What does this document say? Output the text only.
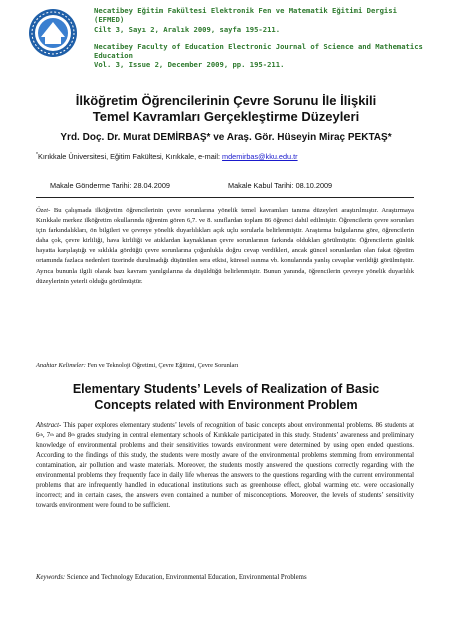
Necatibey Eğitim Fakültesi Elektronik Fen ve Matematik Eğitimi Dergisi (EFMED)
Cilt 3, Sayı 2, Aralık 2009, sayfa 195-211.
Necatibey Faculty of Education Electronic Journal of Science and Mathematics Education
Vol. 3, Issue 2, December 2009, pp. 195-211.
İlköğretim Öğrencilerinin Çevre Sorunu İle İlişkili
Temel Kavramları Gerçekleştirme Düzeyleri
Yrd. Doç. Dr. Murat DEMİRBAŞ* ve Araş. Gör. Hüseyin Miraç PEKTAŞ*
*Kırıkkale Üniversitesi, Eğitim Fakültesi, Kırıkkale, e-mail: mdemirbas@kku.edu.tr
Makale Gönderme Tarihi: 28.04.2009	Makale Kabul Tarihi: 08.10.2009
Özet- Bu çalışmada ilköğretim öğrencilerinin çevre sorunlarına yönelik temel kavramları tanıma düzeyleri araştırılmıştır. Araştırmaya Kırıkkale merkez ilköğretim okullarında öğrenim gören 6,7. ve 8. sınıflardan toplam 86 öğrenci dahil edilmiştir. Öğrencilerin çevre sorunları için farkındalıkları, ön bilgileri ve çevreye yönelik duyarlılıkları açık uçlu sorularla belirlenmiştir. Araştırma bulgularına göre, öğrencilerin daha çok, çevre kirliliği, hava kirliliği ve atıklardan kaynaklanan çevre sorunlarının farkında oldukları görülmüştür. Öğrencilerin günlük hayatta karşılaştığı ve sıklıkla gördüğü çevre sorunlarına çoğunlukla doğru cevap verdikleri, ancak güncel sorunlardan olan fakat öğretim ortamında fazlaca nedenleri üzerinde durulmadığı düşünülen sera etkisi, küresel ısınma vb. konularında yanlış cevaplar verildiği görülmüştür. Ayrıca bununla ilgili olarak bazı kavram yanılgılarına da düşüldüğü belirlenmiştir. Bunun yanında, öğrencilerin çevreye yönelik duyarlılık düzeylerinin yeterli olduğu görülmüştür.
Anahtar Kelimeler: Fen ve Teknoloji Öğretimi, Çevre Eğitimi, Çevre Sorunları
Elementary Students’ Levels of Realization of Basic
Concepts related with Environment Problem
Abstract- This paper explores elementary students’ levels of recognition of basic concepts about environmental problems. 86 students at 6th, 7th and 8th grades studying in central elementary schools of Kırıkkale participated in this study. Students’ awareness and preliminary knowledge of environmental problems and their sensitivities towards environment were determined by using open ended questions. According to the findings of this study, the students were mostly aware of the environmental problems stemming from environmental contamination, air pollution and waste materials. Moreover, the students mostly answered the questions correctly regarding with the environmental problems they frequently face in daily life whereas the answers to the questions regarding with the current environmental problems that are infrequently handled in educational institutions such as greenhouse effect, global warming etc. were occasionally incorrect; and in certain cases, the answers even contained a number of misconceptions. Moreover, the levels of students’ sensitivity towards environment were found to be sufficient.
Keywords: Science and Technology Education, Environmental Education, Environmental Problems
